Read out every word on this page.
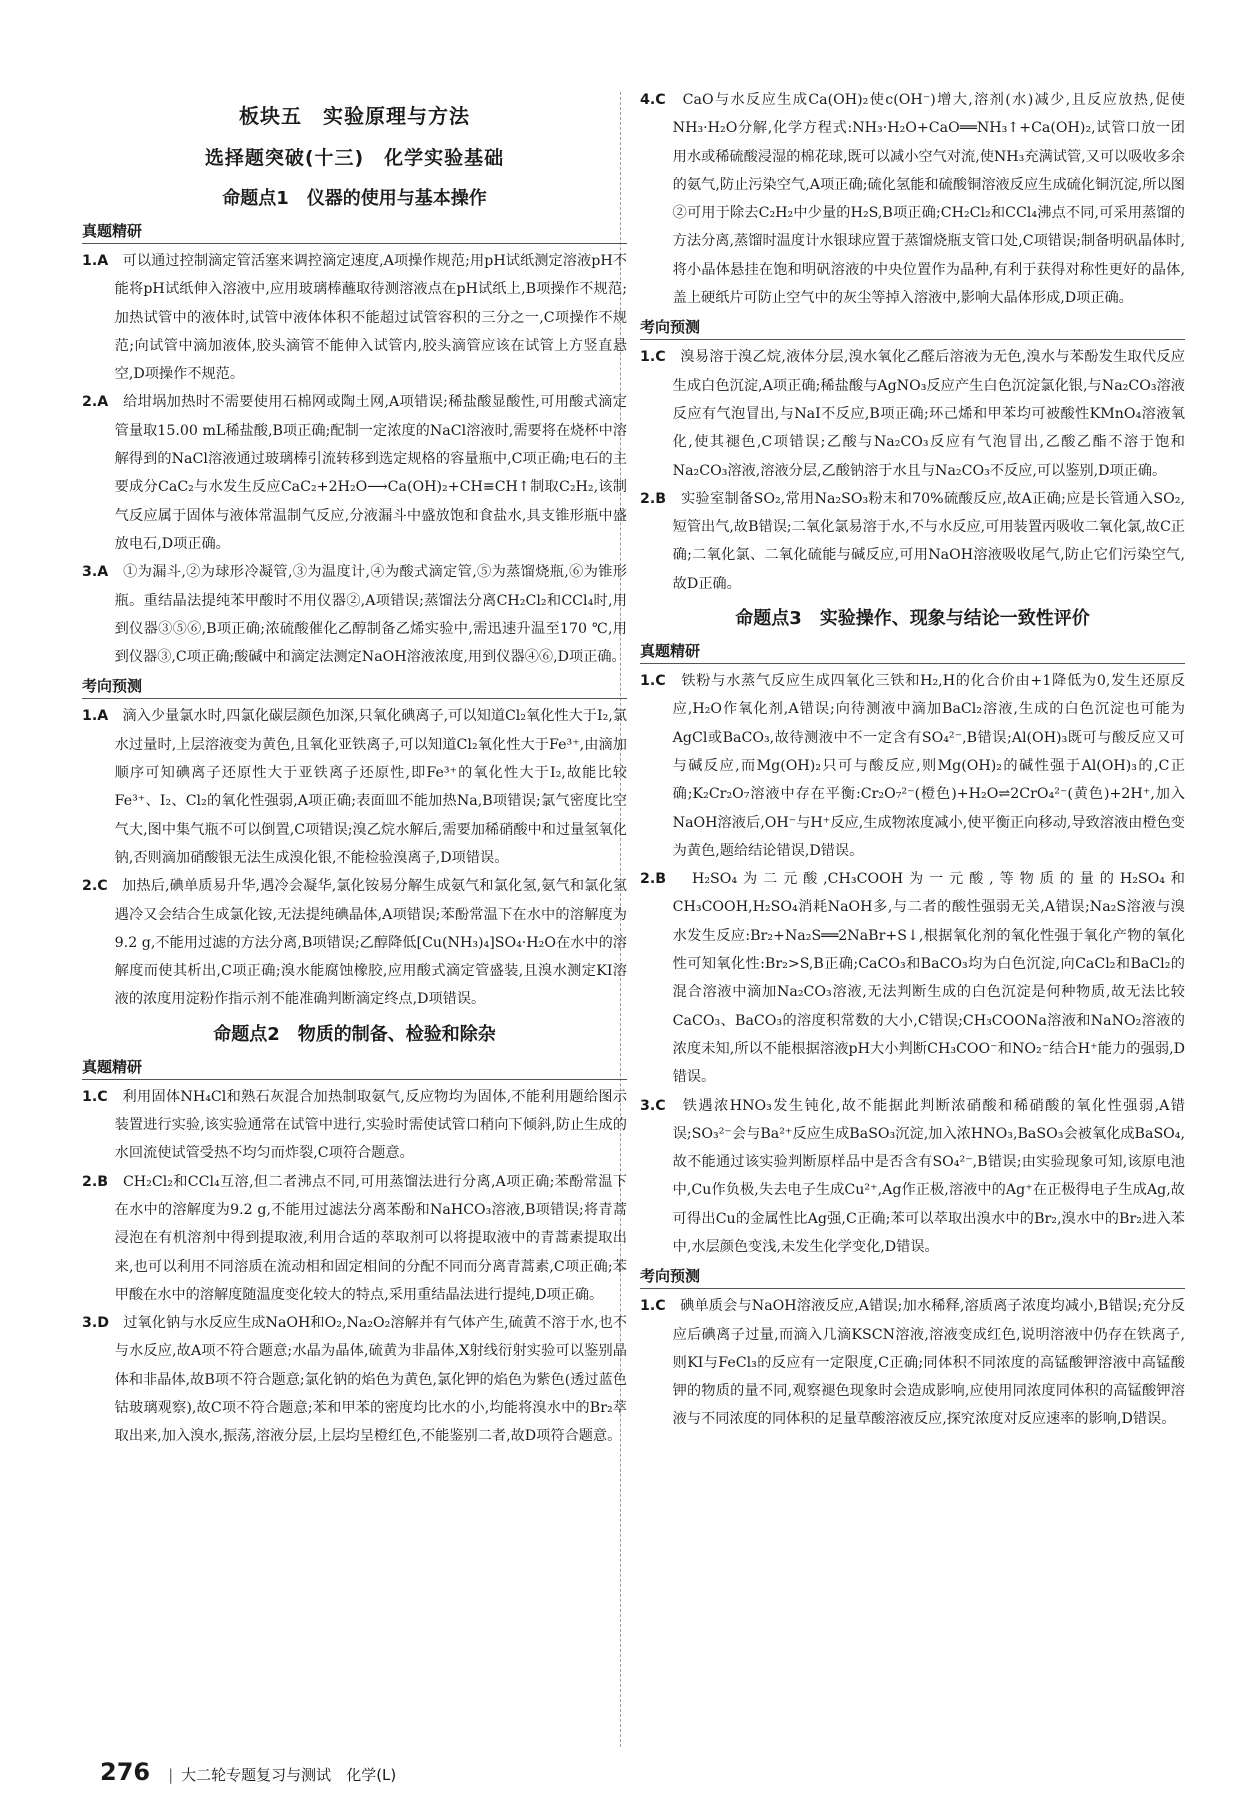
板块五　实验原理与方法
选择题突破(十三)　化学实验基础
命题点1　仪器的使用与基本操作
真题精研

1.A　 可以通过控制滴定管活塞来调控滴定速度,A项操作规范;用pH试纸测定溶液pH不能将pH试纸伸入溶液中,应用玻璃棒蘸取待测溶液点在pH试纸上,B项操作不规范;加热试管中的液体时,试管中液体体积不能超过试管容积的三分之一,C项操作不规范;向试管中滴加液体,胶头滴管不能伸入试管内,胶头滴管应该在试管上方竖直悬空,D项操作不规范。

2.A　 给坩埚加热时不需要使用石棉网或陶土网,A项错误;稀盐酸显酸性,可用酸式滴定管量取15.00 mL稀盐酸,B项正确;配制一定浓度的NaCl溶液时,需要将在烧杯中溶解得到的NaCl溶液通过玻璃棒引流转移到选定规格的容量瓶中,C项正确;电石的主要成分CaC₂与水发生反应CaC₂+2H₂O⟶Ca(OH)₂+CH≡CH↑制取C₂H₂,该制气反应属于固体与液体常温制气反应,分液漏斗中盛放饱和食盐水,具支锥形瓶中盛放电石,D项正确。

3.A　 ①为漏斗,②为球形冷凝管,③为温度计,④为酸式滴定管,⑤为蒸馏烧瓶,⑥为锥形瓶。重结晶法提纯苯甲酸时不用仪器②,A项错误;蒸馏法分离CH₂Cl₂和CCl₄时,用到仪器③⑤⑥,B项正确;浓硫酸催化乙醇制备乙烯实验中,需迅速升温至170 ℃,用到仪器③,C项正确;酸碱中和滴定法测定NaOH溶液浓度,用到仪器④⑥,D项正确。

考向预测

1.A　 滴入少量氯水时,四氯化碳层颜色加深,只氧化碘离子,可以知道Cl₂氧化性大于I₂,氯水过量时,上层溶液变为黄色,且氧化亚铁离子,可以知道Cl₂氧化性大于Fe³⁺,由滴加顺序可知碘离子还原性大于亚铁离子还原性,即Fe³⁺的氧化性大于I₂,故能比较Fe³⁺、I₂、Cl₂的氧化性强弱,A项正确;表面皿不能加热Na,B项错误;氯气密度比空气大,图中集气瓶不可以倒置,C项错误;溴乙烷水解后,需要加稀硝酸中和过量氢氧化钠,否则滴加硝酸银无法生成溴化银,不能检验溴离子,D项错误。

2.C　 加热后,碘单质易升华,遇冷会凝华,氯化铵易分解生成氨气和氯化氢,氨气和氯化氢遇冷又会结合生成氯化铵,无法提纯碘晶体,A项错误;苯酚常温下在水中的溶解度为9.2 g,不能用过滤的方法分离,B项错误;乙醇降低[Cu(NH₃)₄]SO₄·H₂O在水中的溶解度而使其析出,C项正确;溴水能腐蚀橡胶,应用酸式滴定管盛装,且溴水测定KI溶液的浓度用淀粉作指示剂不能准确判断滴定终点,D项错误。

命题点2　物质的制备、检验和除杂
真题精研

1.C　 利用固体NH₄Cl和熟石灰混合加热制取氨气,反应物均为固体,不能利用题给图示装置进行实验,该实验通常在试管中进行,实验时需使试管口稍向下倾斜,防止生成的水回流使试管受热不均匀而炸裂,C项符合题意。

2.B　 CH₂Cl₂和CCl₄互溶,但二者沸点不同,可用蒸馏法进行分离,A项正确;苯酚常温下在水中的溶解度为9.2 g,不能用过滤法分离苯酚和NaHCO₃溶液,B项错误;将青蒿浸泡在有机溶剂中得到提取液,利用合适的萃取剂可以将提取液中的青蒿素提取出来,也可以利用不同溶质在流动相和固定相间的分配不同而分离青蒿素,C项正确;苯甲酸在水中的溶解度随温度变化较大的特点,采用重结晶法进行提纯,D项正确。

3.D　 过氧化钠与水反应生成NaOH和O₂,Na₂O₂溶解并有气体产生,硫黄不溶于水,也不与水反应,故A项不符合题意;水晶为晶体,硫黄为非晶体,X射线衍射实验可以鉴别晶体和非晶体,故B项不符合题意;氯化钠的焰色为黄色,氯化钾的焰色为紫色(透过蓝色钴玻璃观察),故C项不符合题意;苯和甲苯的密度均比水的小,均能将溴水中的Br₂萃取出来,加入溴水,振荡,溶液分层,上层均呈橙红色,不能鉴别二者,故D项符合题意。

4.C　 CaO与水反应生成Ca(OH)₂使c(OH⁻)增大,溶剂(水)减少,且反应放热,促使NH₃·H₂O分解,化学方程式:NH₃·H₂O+CaO══NH₃↑+Ca(OH)₂,试管口放一团用水或稀硫酸浸湿的棉花球,既可以减小空气对流,使NH₃充满试管,又可以吸收多余的氨气,防止污染空气,A项正确;硫化氢能和硫酸铜溶液反应生成硫化铜沉淀,所以图②可用于除去C₂H₂中少量的H₂S,B项正确;CH₂Cl₂和CCl₄沸点不同,可采用蒸馏的方法分离,蒸馏时温度计水银球应置于蒸馏烧瓶支管口处,C项错误;制备明矾晶体时,将小晶体悬挂在饱和明矾溶液的中央位置作为晶种,有利于获得对称性更好的晶体,盖上硬纸片可防止空气中的灰尘等掉入溶液中,影响大晶体形成,D项正确。

考向预测

1.C　 溴易溶于溴乙烷,液体分层,溴水氧化乙醛后溶液为无色,溴水与苯酚发生取代反应生成白色沉淀,A项正确;稀盐酸与AgNO₃反应产生白色沉淀氯化银,与Na₂CO₃溶液反应有气泡冒出,与NaI不反应,B项正确;环己烯和甲苯均可被酸性KMnO₄溶液氧化,使其褪色,C项错误;乙酸与Na₂CO₃反应有气泡冒出,乙酸乙酯不溶于饱和Na₂CO₃溶液,溶液分层,乙酸钠溶于水且与Na₂CO₃不反应,可以鉴别,D项正确。

2.B　 实验室制备SO₂,常用Na₂SO₃粉末和70%硫酸反应,故A正确;应是长管通入SO₂,短管出气,故B错误;二氧化氯易溶于水,不与水反应,可用装置丙吸收二氧化氯,故C正确;二氧化氯、二氧化硫能与碱反应,可用NaOH溶液吸收尾气,防止它们污染空气,故D正确。

命题点3　实验操作、现象与结论一致性评价
真题精研

1.C　 铁粉与水蒸气反应生成四氧化三铁和H₂,H的化合价由+1降低为0,发生还原反应,H₂O作氧化剂,A错误;向待测液中滴加BaCl₂溶液,生成的白色沉淀也可能为AgCl或BaCO₃,故待测液中不一定含有SO₄²⁻,B错误;Al(OH)₃既可与酸反应又可与碱反应,而Mg(OH)₂只可与酸反应,则Mg(OH)₂的碱性强于Al(OH)₃的,C正确;K₂Cr₂O₇溶液中存在平衡:Cr₂O₇²⁻(橙色)+H₂O⇌2CrO₄²⁻(黄色)+2H⁺,加入NaOH溶液后,OH⁻与H⁺反应,生成物浓度减小,使平衡正向移动,导致溶液由橙色变为黄色,题给结论错误,D错误。

2.B　 H₂SO₄为二元酸,CH₃COOH为一元酸,等物质的量的H₂SO₄和CH₃COOH,H₂SO₄消耗NaOH多,与二者的酸性强弱无关,A错误;Na₂S溶液与溴水发生反应:Br₂+Na₂S══2NaBr+S↓,根据氧化剂的氧化性强于氧化产物的氧化性可知氧化性:Br₂>S,B正确;CaCO₃和BaCO₃均为白色沉淀,向CaCl₂和BaCl₂的混合溶液中滴加Na₂CO₃溶液,无法判断生成的白色沉淀是何种物质,故无法比较CaCO₃、BaCO₃的溶度积常数的大小,C错误;CH₃COONa溶液和NaNO₂溶液的浓度未知,所以不能根据溶液pH大小判断CH₃COO⁻和NO₂⁻结合H⁺能力的强弱,D错误。

3.C　 铁遇浓HNO₃发生钝化,故不能据此判断浓硝酸和稀硝酸的氧化性强弱,A错误;SO₃²⁻会与Ba²⁺反应生成BaSO₃沉淀,加入浓HNO₃,BaSO₃会被氧化成BaSO₄,故不能通过该实验判断原样品中是否含有SO₄²⁻,B错误;由实验现象可知,该原电池中,Cu作负极,失去电子生成Cu²⁺,Ag作正极,溶液中的Ag⁺在正极得电子生成Ag,故可得出Cu的金属性比Ag强,C正确;苯可以萃取出溴水中的Br₂,溴水中的Br₂进入苯中,水层颜色变浅,未发生化学变化,D错误。

考向预测

1.C　 碘单质会与NaOH溶液反应,A错误;加水稀释,溶质离子浓度均减小,B错误;充分反应后碘离子过量,而滴入几滴KSCN溶液,溶液变成红色,说明溶液中仍存在铁离子,则KI与FeCl₃的反应有一定限度,C正确;同体积不同浓度的高锰酸钾溶液中高锰酸钾的物质的量不同,观察褪色现象时会造成影响,应使用同浓度同体积的高锰酸钾溶液与不同浓度的同体积的足量草酸溶液反应,探究浓度对反应速率的影响,D错误。

276 | 大二轮专题复习与测试　 化学(L)
